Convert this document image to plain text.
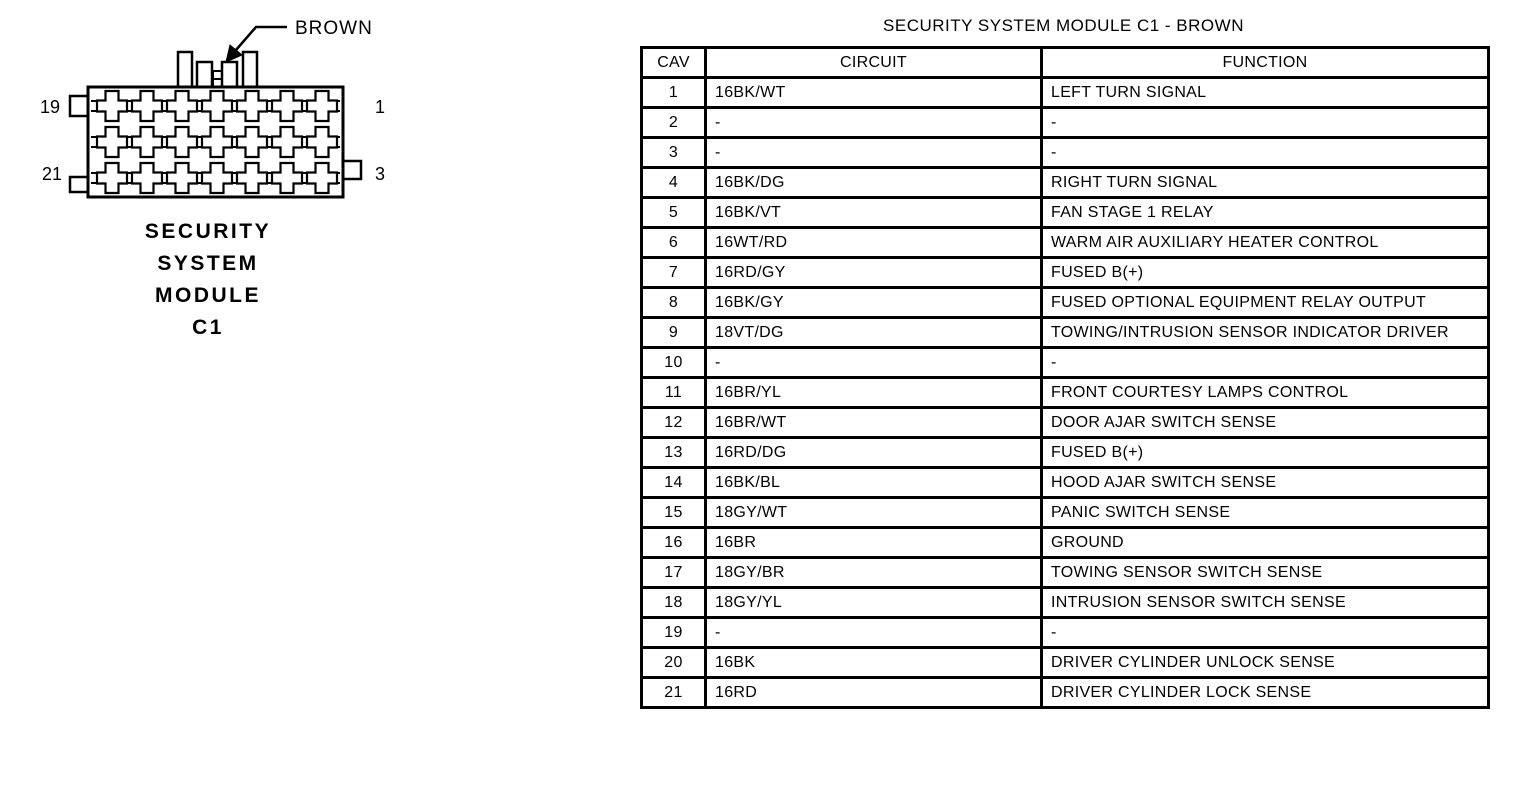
19
21
1
3
BROWN
SECURITY
SYSTEM
MODULE
C1
SECURITY SYSTEM MODULE C1 - BROWN
CAV	CIRCUIT	FUNCTION
1	16BK/WT	LEFT TURN SIGNAL
2	-	-
3	-	-
4	16BK/DG	RIGHT TURN SIGNAL
5	16BK/VT	FAN STAGE 1 RELAY
6	16WT/RD	WARM AIR AUXILIARY HEATER CONTROL
7	16RD/GY	FUSED B(+)
8	16BK/GY	FUSED OPTIONAL EQUIPMENT RELAY OUTPUT
9	18VT/DG	TOWING/INTRUSION SENSOR INDICATOR DRIVER
10	-	-
11	16BR/YL	FRONT COURTESY LAMPS CONTROL
12	16BR/WT	DOOR AJAR SWITCH SENSE
13	16RD/DG	FUSED B(+)
14	16BK/BL	HOOD AJAR SWITCH SENSE
15	18GY/WT	PANIC SWITCH SENSE
16	16BR	GROUND
17	18GY/BR	TOWING SENSOR SWITCH SENSE
18	18GY/YL	INTRUSION SENSOR SWITCH SENSE
19	-	-
20	16BK	DRIVER CYLINDER UNLOCK SENSE
21	16RD	DRIVER CYLINDER LOCK SENSE
